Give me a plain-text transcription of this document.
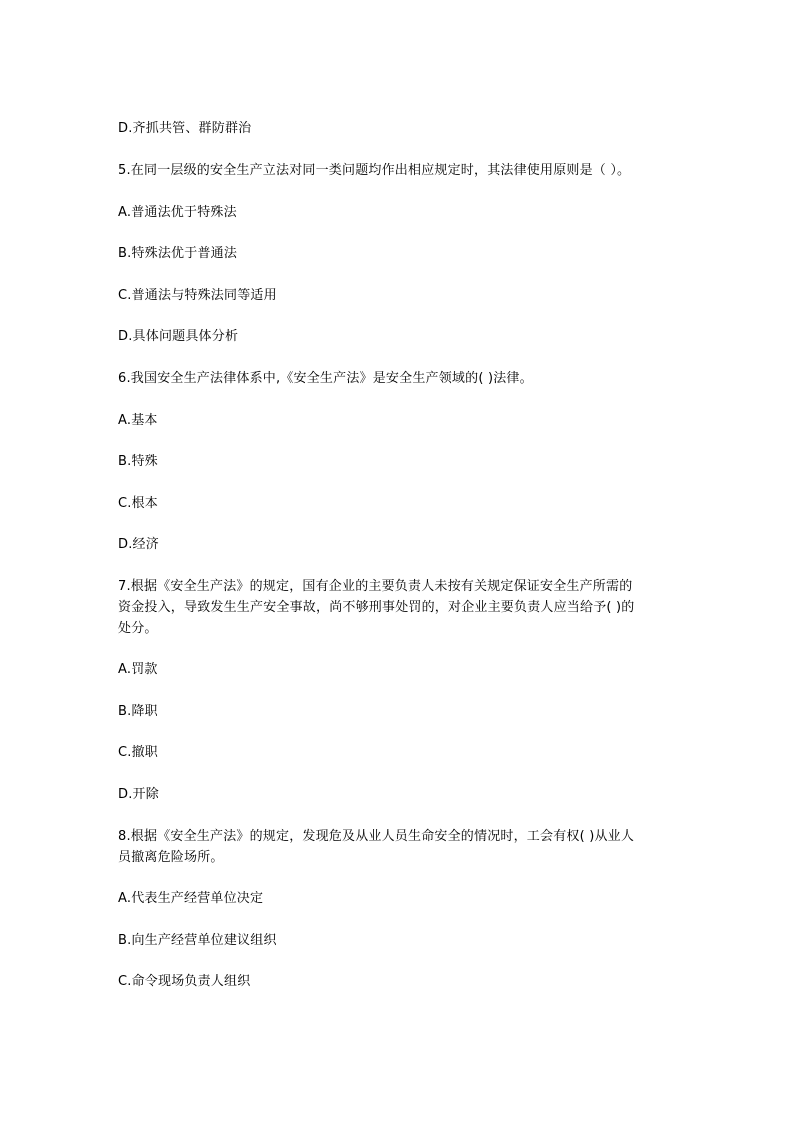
D.齐抓共管、群防群治
5.在同一层级的安全生产立法对同一类问题均作出相应规定时，其法律使用原则是（ ）。
A.普通法优于特殊法
B.特殊法优于普通法
C.普通法与特殊法同等适用
D.具体问题具体分析
6.我国安全生产法律体系中,《安全生产法》是安全生产领域的( )法律。
A.基本
B.特殊
C.根本
D.经济
7.根据《安全生产法》的规定，国有企业的主要负责人未按有关规定保证安全生产所需的
资金投入，导致发生生产安全事故，尚不够刑事处罚的，对企业主要负责人应当给予( )的
处分。
A.罚款
B.降职
C.撤职
D.开除
8.根据《安全生产法》的规定，发现危及从业人员生命安全的情况时，工会有权( )从业人
员撤离危险场所。
A.代表生产经营单位决定
B.向生产经营单位建议组织
C.命令现场负责人组织
